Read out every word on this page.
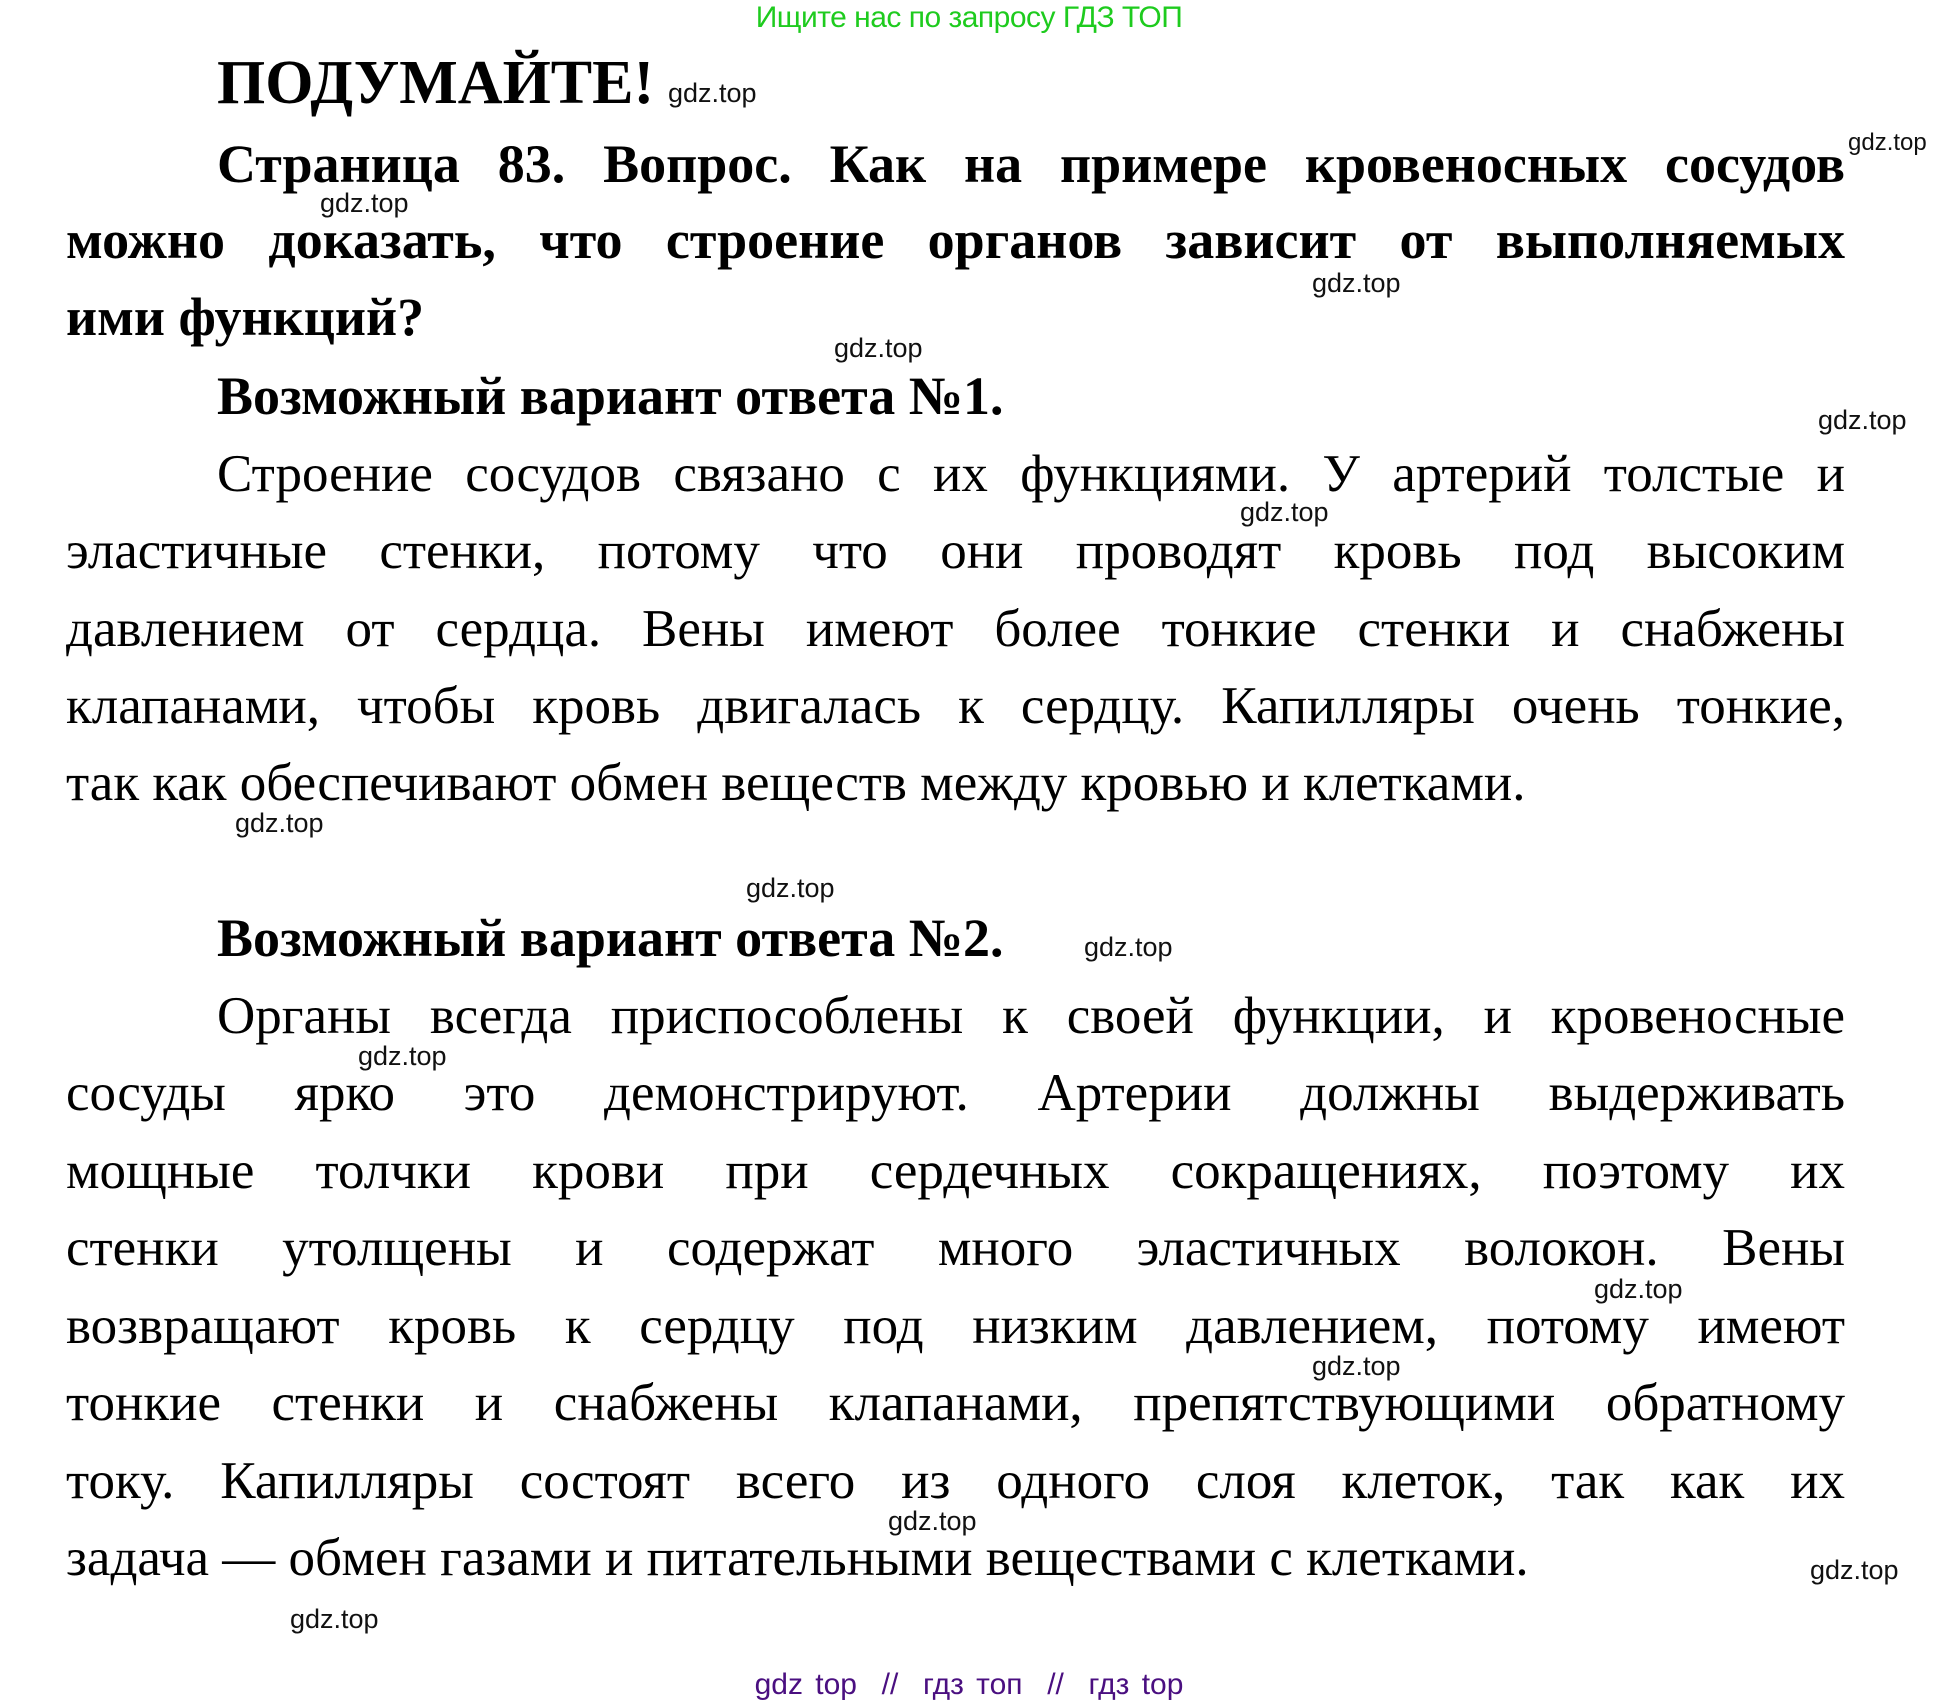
Ищите нас по запросу ГДЗ ТОП
ПОДУМАЙТЕ! gdz.top
Страница 83. Вопрос. Как на примере кровеносных сосудов gdz.top
gdz.top
можно доказать, что строение органов зависит от выполняемых
gdz.top
ими функций?
gdz.top
Возможный вариант ответа №1.	gdz.top
Строение сосудов связано с их функциями. У артерий толстые и
gdz.top
эластичные стенки, потому что они проводят кровь под высоким
давлением от сердца. Вены имеют более тонкие стенки и снабжены
клапанами, чтобы кровь двигалась к сердцу. Капилляры очень тонкие,
так как обеспечивают обмен веществ между кровью и клетками.
gdz.top
gdz.top
Возможный вариант ответа №2.	gdz.top
Органы всегда приспособлены к своей функции, и кровеносные
gdz.top
сосуды ярко это демонстрируют. Артерии должны выдерживать
мощные толчки крови при сердечных сокращениях, поэтому их
стенки утолщены и содержат много эластичных волокон. Вены
gdz.top
возвращают кровь к сердцу под низким давлением, потому имеют
gdz.top
тонкие стенки и снабжены клапанами, препятствующими обратному
току. Капилляры состоят всего из одного слоя клеток, так как их
gdz.top
задача — обмен газами и питательными веществами с клетками.	gdz.top
gdz.top
gdz top  //  гдз топ  //  гдз top
